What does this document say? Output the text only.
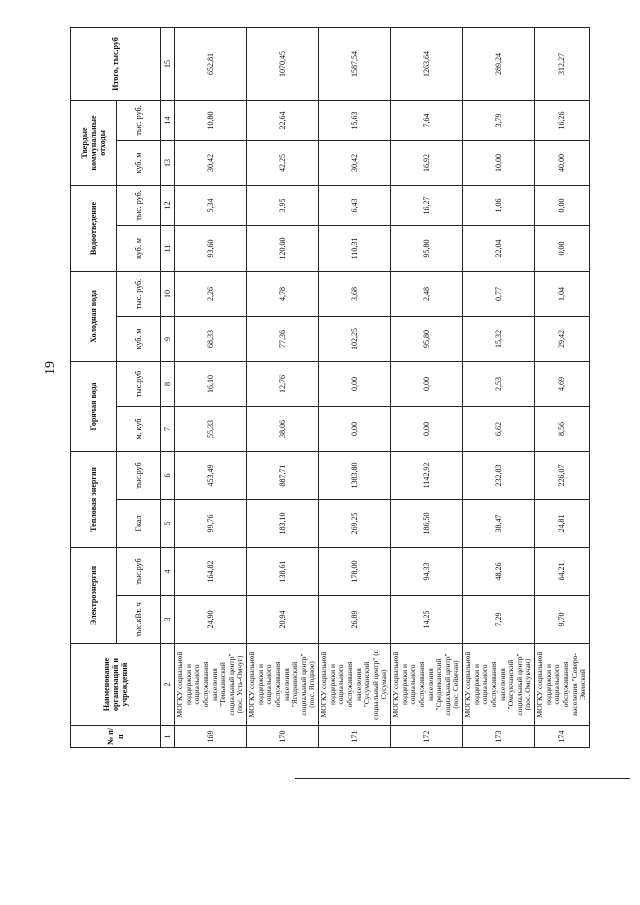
19
№ п/п	Наименование организаций и учреждений	Электроэнергия		Тепловая энергия		Горячая вода		Холодная вода		Водоотведение		Твердые коммунальные отходы		Итого, тыс.руб
		тыс.кВт. ч	тыс.руб	Гкал	тыс.руб	м. куб	тыс.руб	куб. м	тыс. руб.	куб. м	тыс. руб.	куб. м	тыс. руб.	
1	2	3	4	5	6	7	8	9	10	11	12	13	14	15
169	МОГКУ социальной поддержки и социального обслуживания населения "Тенькинский социальный центр" (пос. Усть-Омчуг)	24,90	164,82	99,76	453,49	55,33	16,10	68,33	2,26	93,60	5,34	30,42	10,80	652,81
170	МОГКУ социальной поддержки и социального обслуживания населения "Ягоднинский социальный центр" (пос. Ягодное)	20,94	138,61	183,10	887,71	38,06	12,76	77,36	4,78	120,00	3,95	42,25	22,64	1070,45
171	МОГКУ социальной поддержки и социального обслуживания населения "Сусуманский социальный центр" (г. Сусуман)	26,89	178,00	269,25	1383,80	0,00	0,00	102,25	3,68	110,31	6,43	30,42	15,63	1587,54
172	МОГКУ социальной поддержки и социального обслуживания населения "Среднеканский социальный центр" (пос. Сеймчан)	14,25	94,33	186,50	1142,92	0,00	0,00	95,80	2,48	95,80	16,27	16,92	7,64	1263,64
173	МОГКУ социальной поддержки и социального обслуживания населения "Омсукчанский социальный центр" (пос. Омсукчан)	7,29	48,26	38,47	232,83	6,62	2,53	15,32	0,77	22,04	1,06	10,00	3,79	289,24
174	МОГКУ социальной поддержки и социального обслуживания населения "Северо-Эвенский	9,70	64,21	24,81	226,07	8,56	4,69	29,42	1,04	0,00	0,00	40,00	16,26	312,27
